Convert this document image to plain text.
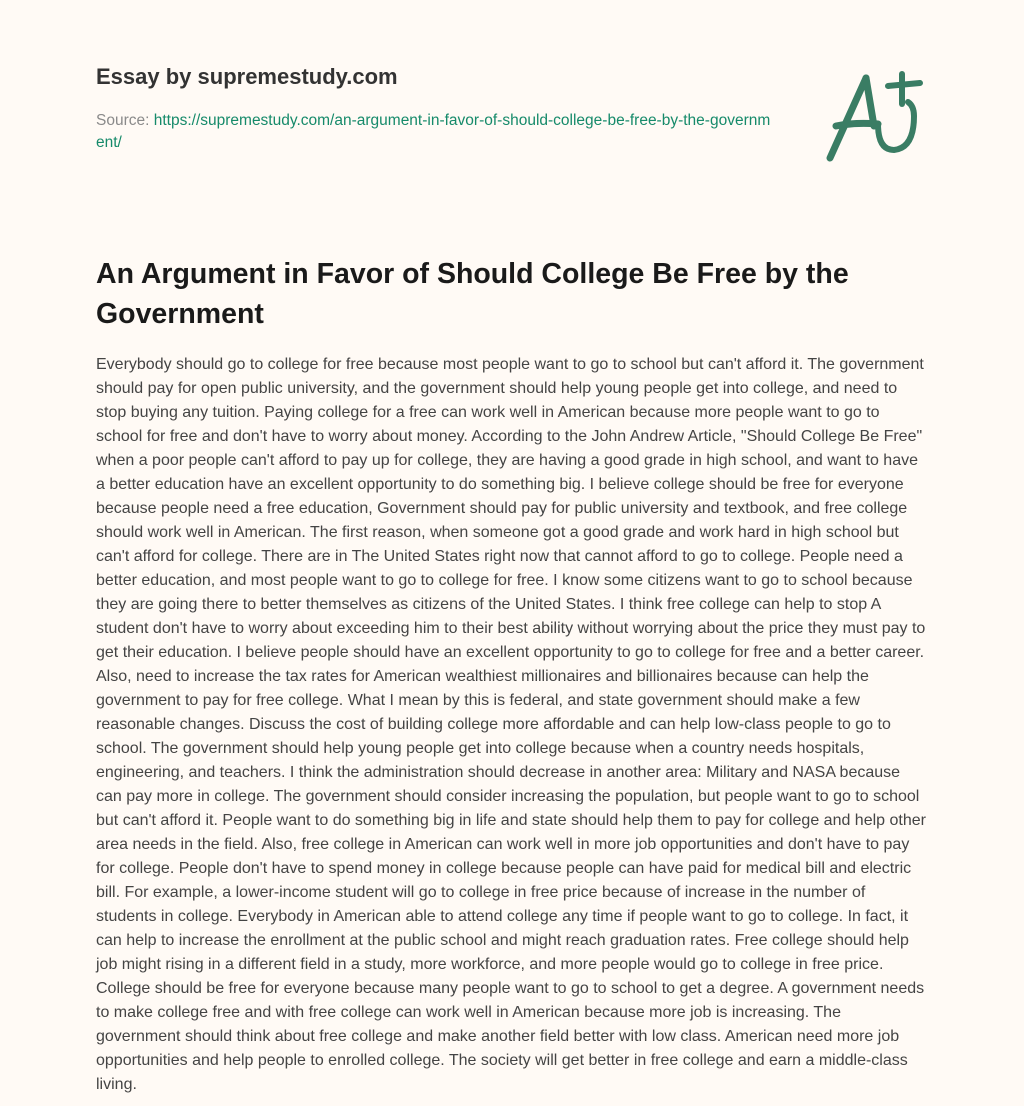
Essay by supremestudy.com
Source: https://supremestudy.com/an-argument-in-favor-of-should-college-be-free-by-the-government/
An Argument in Favor of Should College Be Free by the Government

Everybody should go to college for free because most people want to go to school but can't afford it. The government should pay for open public university, and the government should help young people get into college, and need to stop buying any tuition. Paying college for a free can work well in American because more people want to go to school for free and don't have to worry about money. According to the John Andrew Article, "Should College Be Free" when a poor people can't afford to pay up for college, they are having a good grade in high school, and want to have a better education have an excellent opportunity to do something big. I believe college should be free for everyone because people need a free education, Government should pay for public university and textbook, and free college should work well in American. The first reason, when someone got a good grade and work hard in high school but can't afford for college. There are in The United States right now that cannot afford to go to college. People need a better education, and most people want to go to college for free. I know some citizens want to go to school because they are going there to better themselves as citizens of the United States. I think free college can help to stop A student don't have to worry about exceeding him to their best ability without worrying about the price they must pay to get their education. I believe people should have an excellent opportunity to go to college for free and a better career. Also, need to increase the tax rates for American wealthiest millionaires and billionaires because can help the government to pay for free college. What I mean by this is federal, and state government should make a few reasonable changes. Discuss the cost of building college more affordable and can help low-class people to go to school. The government should help young people get into college because when a country needs hospitals, engineering, and teachers. I think the administration should decrease in another area: Military and NASA because can pay more in college. The government should consider increasing the population, but people want to go to school but can't afford it. People want to do something big in life and state should help them to pay for college and help other area needs in the field. Also, free college in American can work well in more job opportunities and don't have to pay for college. People don't have to spend money in college because people can have paid for medical bill and electric bill. For example, a lower-income student will go to college in free price because of increase in the number of students in college. Everybody in American able to attend college any time if people want to go to college. In fact, it can help to increase the enrollment at the public school and might reach graduation rates. Free college should help job might rising in a different field in a study, more workforce, and more people would go to college in free price. College should be free for everyone because many people want to go to school to get a degree. A government needs to make college free and with free college can work well in American because more job is increasing. The government should think about free college and make another field better with low class. American need more job opportunities and help people to enrolled college. The society will get better in free college and earn a middle-class living.
